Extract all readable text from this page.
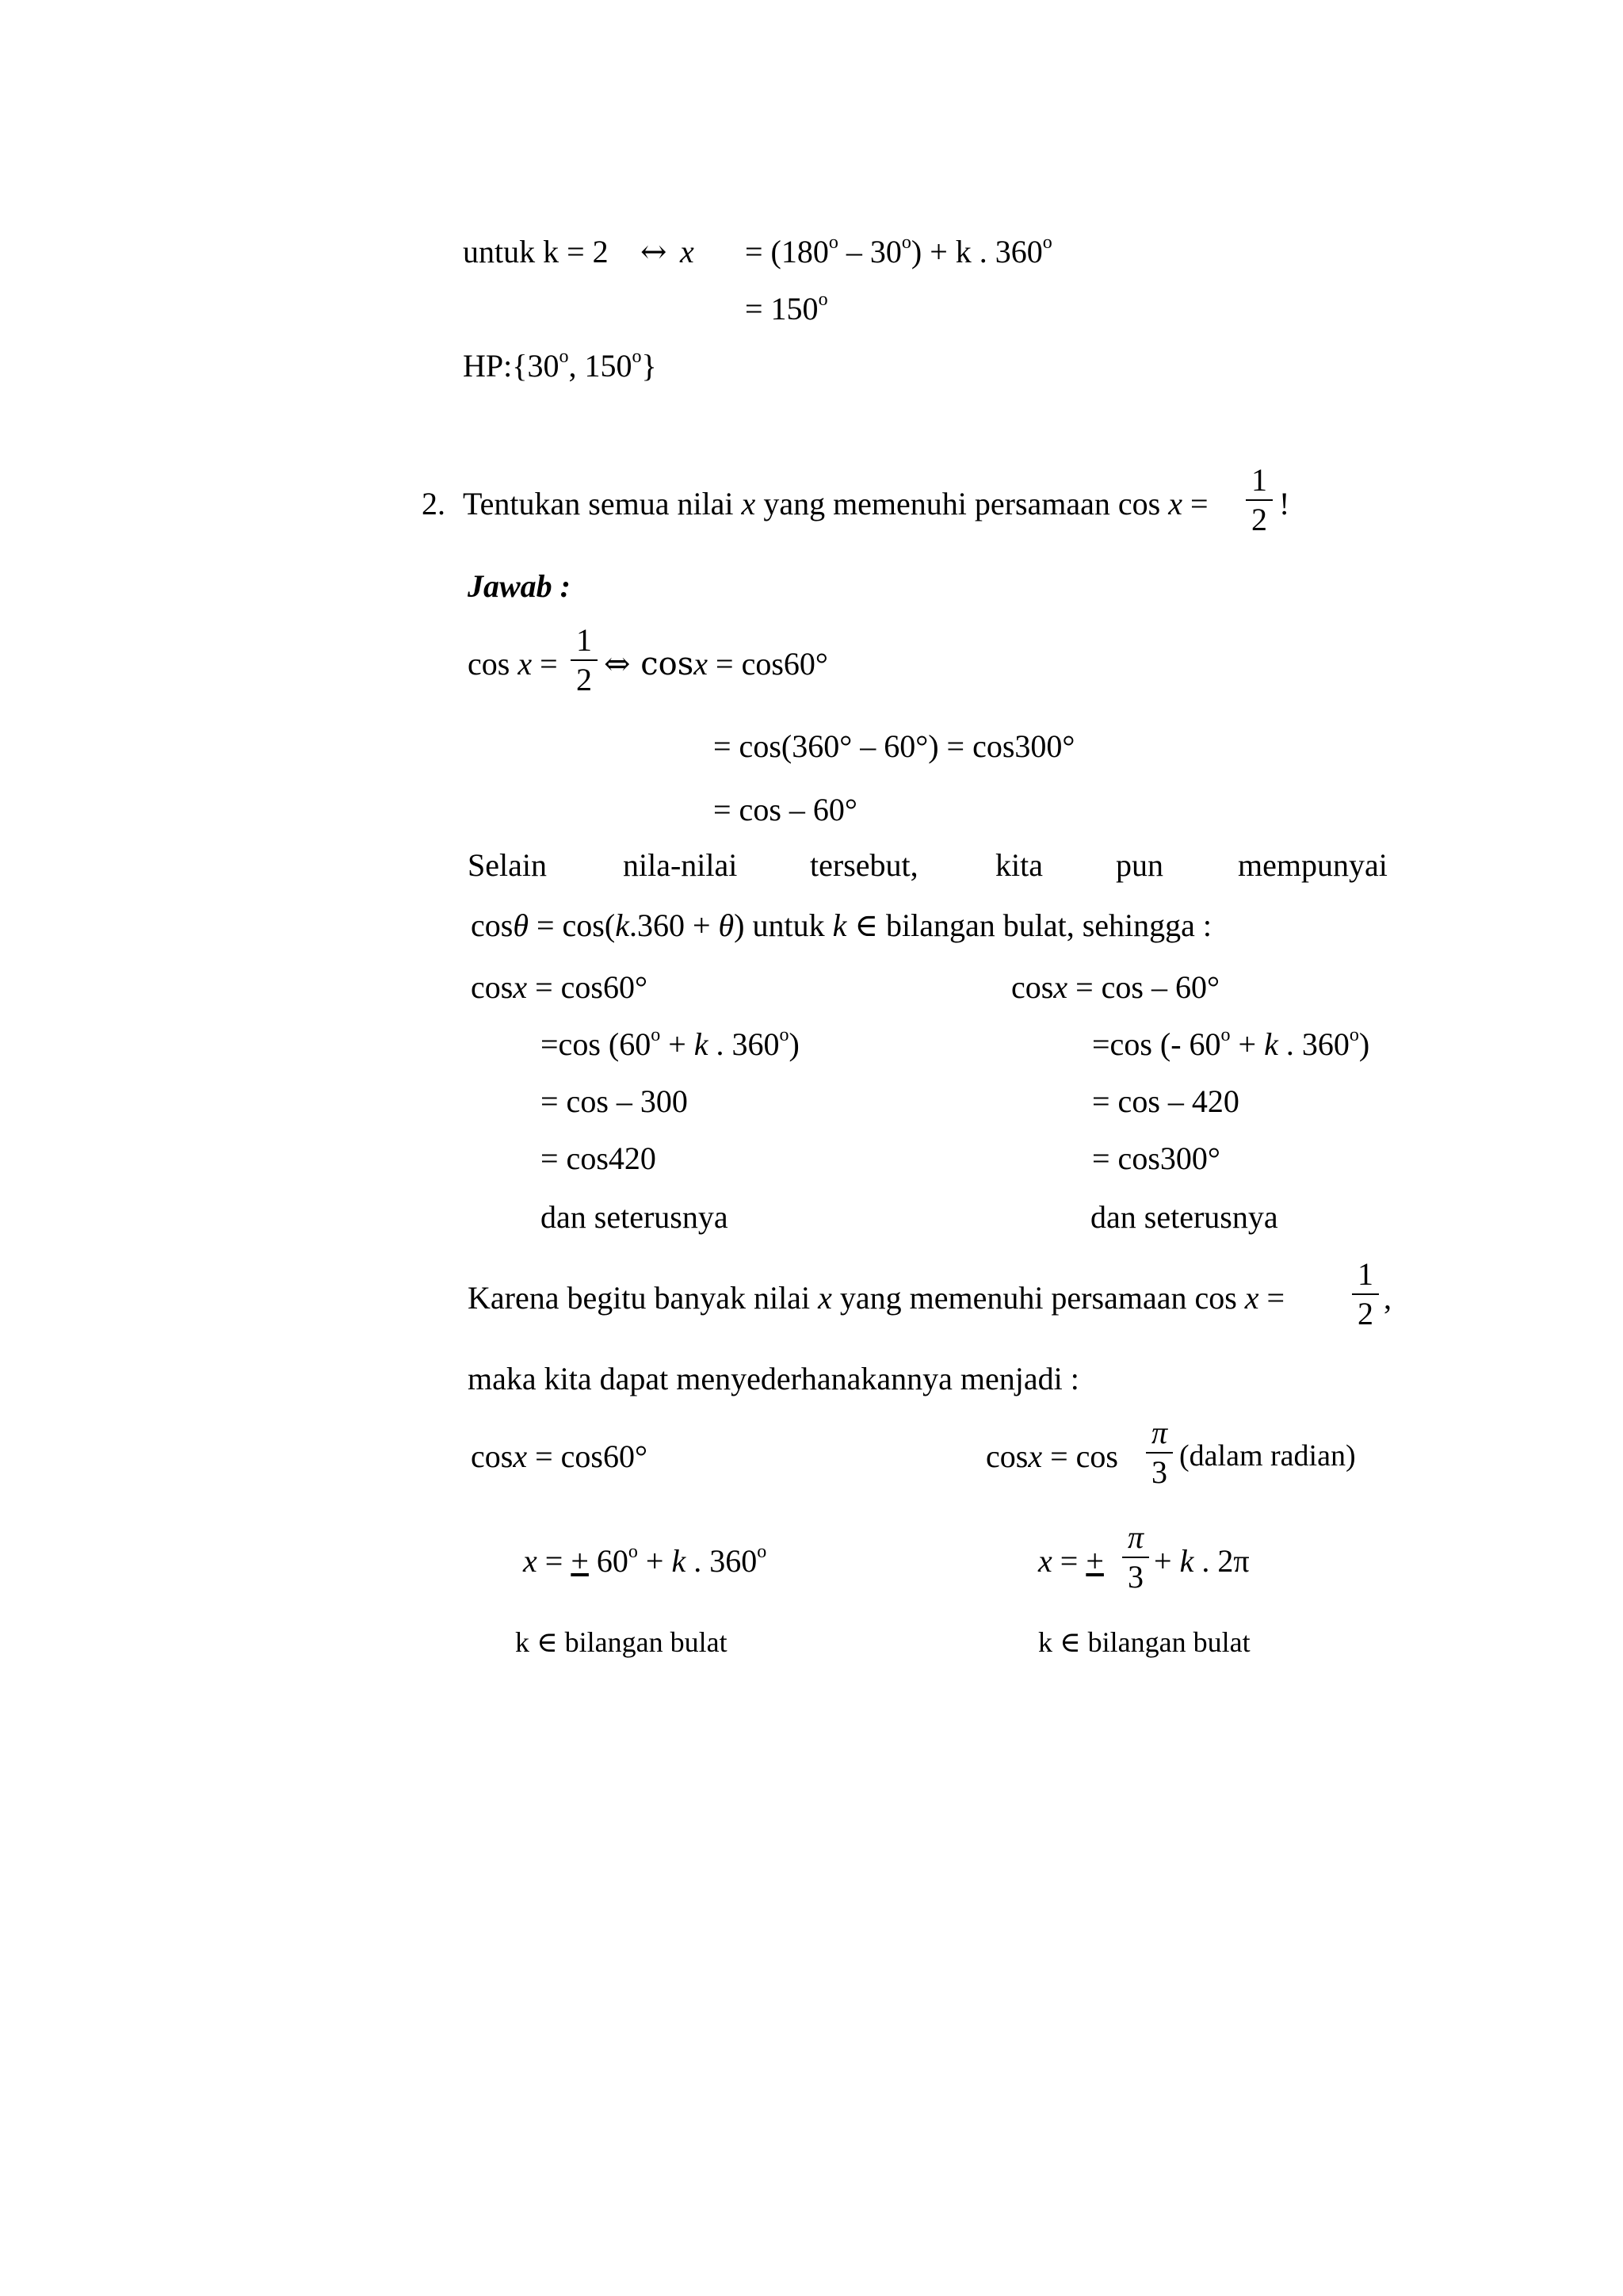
untuk k = 2 ↔ $x = (180^o - 30^o) + k$ . $360^o$
= $150^o$
HP:{30$^o$, 150$^o$}
2. Tentukan semua nilai x yang memenuhi persamaan cos x =
1
2 !
Jawab :
cos x =
1
2 ⇔ cosx = cos60°
= cos(360° – 60°) = cos300°
= cos – 60°
Selain nila-nilai tersebut, kita pun mempunyai
cosθ = cos(k.360 + θ) untuk k ∈ bilangan bulat, sehingga :
cosx = cos60°
=cos ($60^o + k$ . $360^o$)
= cos – 300
= cos420
dan seterusnya
cosx = cos – 60°
=cos (- $60^o + k$ . $360^o$)
= cos – 420
= cos300°
dan seterusnya
Karena begitu banyak nilai x yang memenuhi persamaan cos x =
1
2 ,
maka kita dapat menyederhanakannya menjadi :
cosx = cos60°
x = + $60^o + k$ . 360$^o$
k ∈ bilangan bulat
cosx = cos
π
3 (dalam radian)
x = +
π
3 + k . 2π
k ∈ bilangan bulat
